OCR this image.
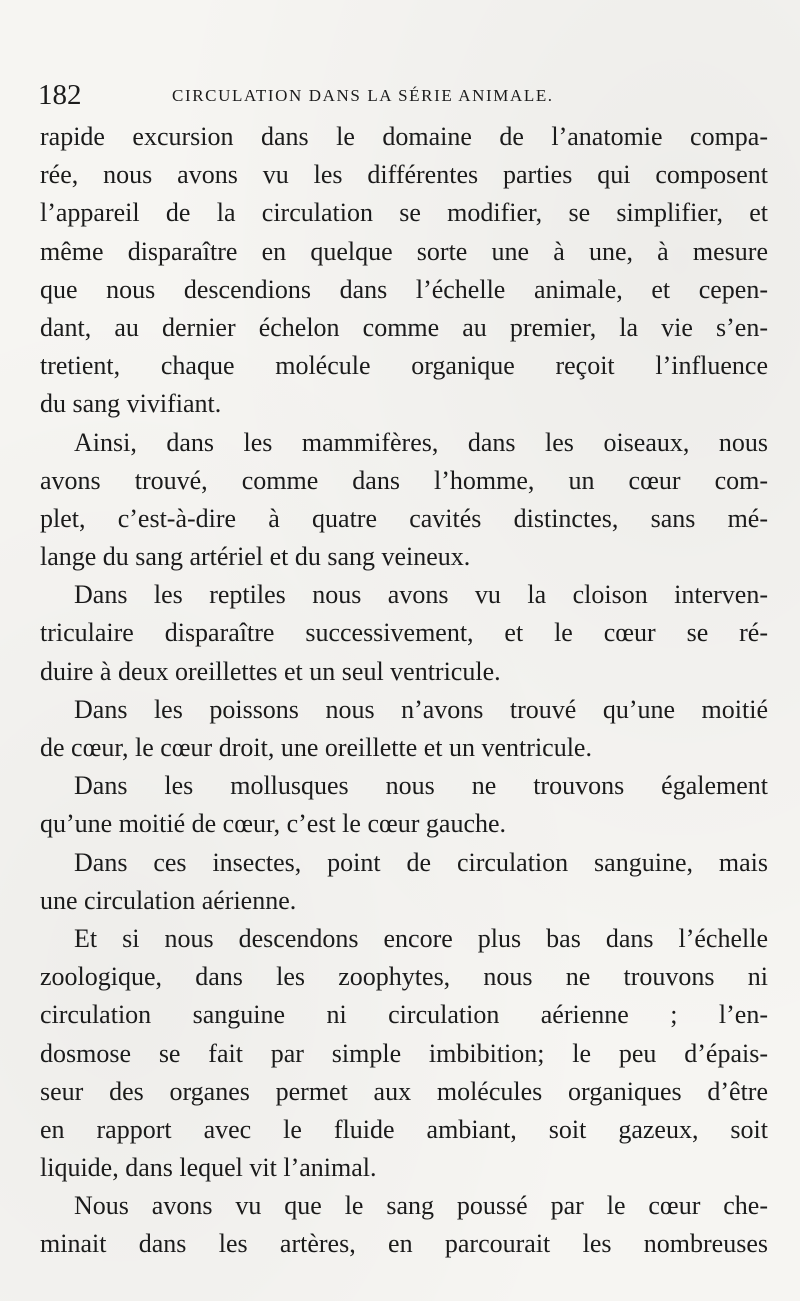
182	CIRCULATION DANS LA SÉRIE ANIMALE.
rapide excursion dans le domaine de l’anatomie compa-
rée, nous avons vu les différentes parties qui composent
l’appareil de la circulation se modifier, se simplifier, et
même disparaître en quelque sorte une à une, à mesure
que nous descendions dans l’échelle animale, et cepen-
dant, au dernier échelon comme au premier, la vie s’en-
tretient, chaque molécule organique reçoit l’influence
du sang vivifiant.
Ainsi, dans les mammifères, dans les oiseaux, nous
avons trouvé, comme dans l’homme, un cœur com-
plet, c’est-à-dire à quatre cavités distinctes, sans mé-
lange du sang artériel et du sang veineux.
Dans les reptiles nous avons vu la cloison interven-
triculaire disparaître successivement, et le cœur se ré-
duire à deux oreillettes et un seul ventricule.
Dans les poissons nous n’avons trouvé qu’une moitié
de cœur, le cœur droit, une oreillette et un ventricule.
Dans les mollusques nous ne trouvons également
qu’une moitié de cœur, c’est le cœur gauche.
Dans ces insectes, point de circulation sanguine, mais
une circulation aérienne.
Et si nous descendons encore plus bas dans l’échelle
zoologique, dans les zoophytes, nous ne trouvons ni
circulation sanguine ni circulation aérienne ; l’en-
dosmose se fait par simple imbibition; le peu d’épais-
seur des organes permet aux molécules organiques d’être
en rapport avec le fluide ambiant, soit gazeux, soit
liquide, dans lequel vit l’animal.
Nous avons vu que le sang poussé par le cœur che-
minait dans les artères, en parcourait les nombreuses
